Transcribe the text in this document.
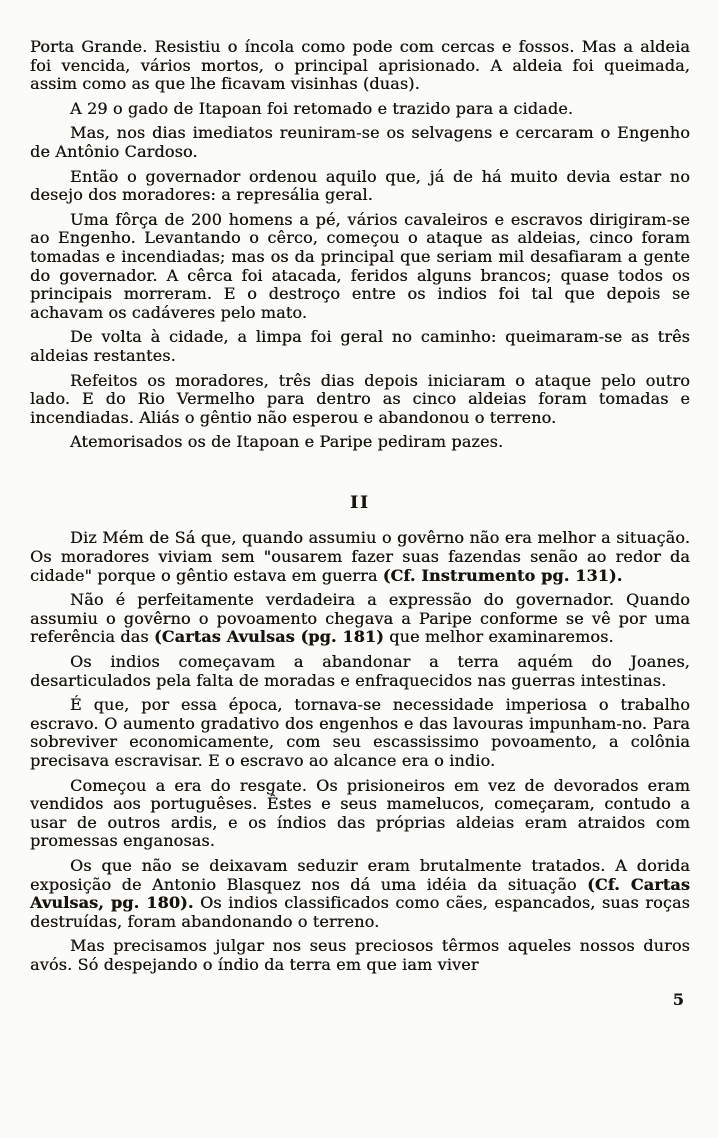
Porta Grande. Resistiu o íncola como pode com cercas e fossos. Mas a aldeia foi vencida, vários mortos, o principal aprisionado. A aldeia foi queimada, assim como as que lhe ficavam visinhas (duas).

A 29 o gado de Itapoan foi retomado e trazido para a cidade.

Mas, nos dias imediatos reuniram-se os selvagens e cercaram o Engenho de Antônio Cardoso.

Então o governador ordenou aquilo que, já de há muito devia estar no desejo dos moradores: a represália geral.

Uma fôrça de 200 homens a pé, vários cavaleiros e escravos dirigiram-se ao Engenho. Levantando o cêrco, começou o ataque as aldeias, cinco foram tomadas e incendiadas; mas os da principal que seriam mil desafiaram a gente do governador. A cêrca foi atacada, feridos alguns brancos; quase todos os principais morreram. E o destroço entre os indios foi tal que depois se achavam os cadáveres pelo mato.

De volta à cidade, a limpa foi geral no caminho: queimaram-se as três aldeias restantes.

Refeitos os moradores, três dias depois iniciaram o ataque pelo outro lado. E do Rio Vermelho para dentro as cinco aldeias foram tomadas e incendiadas. Aliás o gêntio não esperou e abandonou o terreno.

Atemorisados os de Itapoan e Paripe pediram pazes.

II

Diz Mém de Sá que, quando assumiu o govêrno não era melhor a situação. Os moradores viviam sem "ousarem fazer suas fazendas senão ao redor da cidade" porque o gêntio estava em guerra (Cf. Instrumento pg. 131).

Não é perfeitamente verdadeira a expressão do governador. Quando assumiu o govêrno o povoamento chegava a Paripe conforme se vê por uma referência das (Cartas Avulsas (pg. 181) que melhor examinaremos.

Os indios começavam a abandonar a terra aquém do Joanes, desarticulados pela falta de moradas e enfraquecidos nas guerras intestinas.

É que, por essa época, tornava-se necessidade imperiosa o trabalho escravo. O aumento gradativo dos engenhos e das lavouras impunham-no. Para sobreviver economicamente, com seu escassissimo povoamento, a colônia precisava escravisar. E o escravo ao alcance era o indio.

Começou a era do resgate. Os prisioneiros em vez de devorados eram vendidos aos portuguêses. Êstes e seus mamelucos, começaram, contudo a usar de outros ardis, e os índios das próprias aldeias eram atraidos com promessas enganosas.

Os que não se deixavam seduzir eram brutalmente tratados. A dorida exposição de Antonio Blasquez nos dá uma idéia da situação (Cf. Cartas Avulsas, pg. 180). Os indios classificados como cães, espancados, suas roças destruídas, foram abandonando o terreno.

Mas precisamos julgar nos seus preciosos têrmos aqueles nossos duros avós. Só despejando o índio da terra em que iam viver

5
